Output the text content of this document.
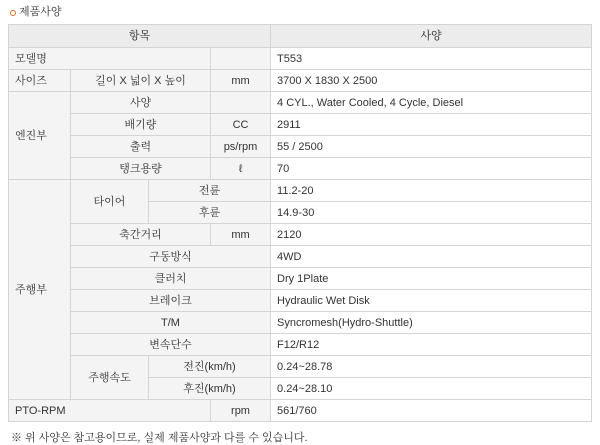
제품사양
항목				사양
모델명				T553
사이즈	길이 X 넓이 X 높이		mm	3700 X 1830 X 2500
엔진부	사양			4 CYL., Water Cooled, 4 Cycle, Diesel
	배기량		CC	2911
	출력		ps/rpm	55 / 2500
	탱크용량		ℓ	70
주행부	타이어	전륜		11.2-20
		후륜		14.9-30
	축간거리		mm	2120
	구동방식			4WD
	클러치			Dry 1Plate
	브레이크			Hydraulic Wet Disk
	T/M			Syncromesh(Hydro-Shuttle)
	변속단수			F12/R12
	주행속도	전진(km/h)		0.24~28.78
		후진(km/h)		0.24~28.10
PTO-RPM			rpm	561/760
※ 위 사양은 참고용이므로, 실제 제품사양과 다를 수 있습니다.
